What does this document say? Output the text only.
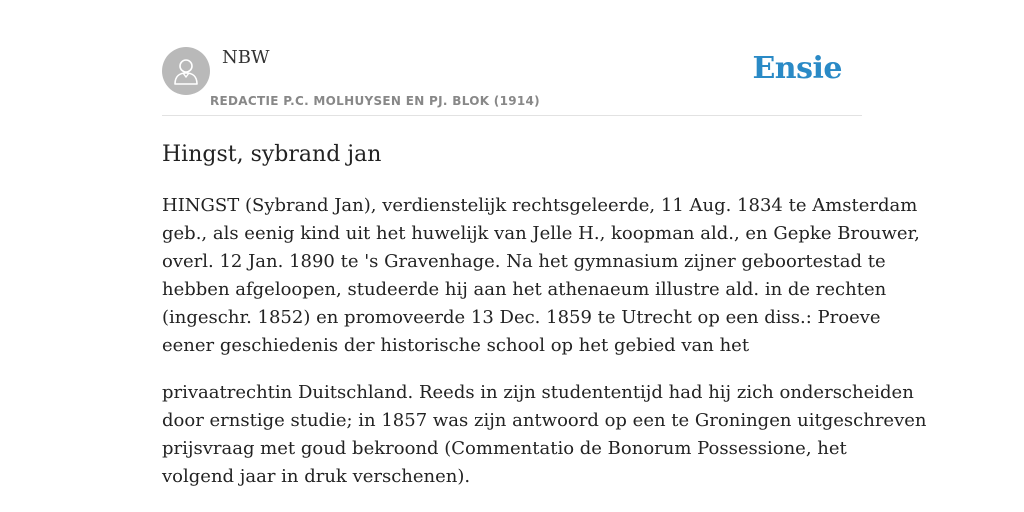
NBW
REDACTIE P.C. MOLHUYSEN EN PJ. BLOK (1914)
Ensie
Hingst, sybrand jan

HINGST (Sybrand Jan), verdienstelijk rechtsgeleerde, 11 Aug. 1834 te Amsterdam
geb., als eenig kind uit het huwelijk van Jelle H., koopman ald., en Gepke Brouwer,
overl. 12 Jan. 1890 te 's Gravenhage. Na het gymnasium zijner geboortestad te
hebben afgeloopen, studeerde hij aan het athenaeum illustre ald. in de rechten
(ingeschr. 1852) en promoveerde 13 Dec. 1859 te Utrecht op een diss.: Proeve
eener geschiedenis der historische school op het gebied van het

privaatrechtin Duitschland. Reeds in zijn studententijd had hij zich onderscheiden
door ernstige studie; in 1857 was zijn antwoord op een te Groningen uitgeschreven
prijsvraag met goud bekroond (Commentatio de Bonorum Possessione, het
volgend jaar in druk verschenen).
